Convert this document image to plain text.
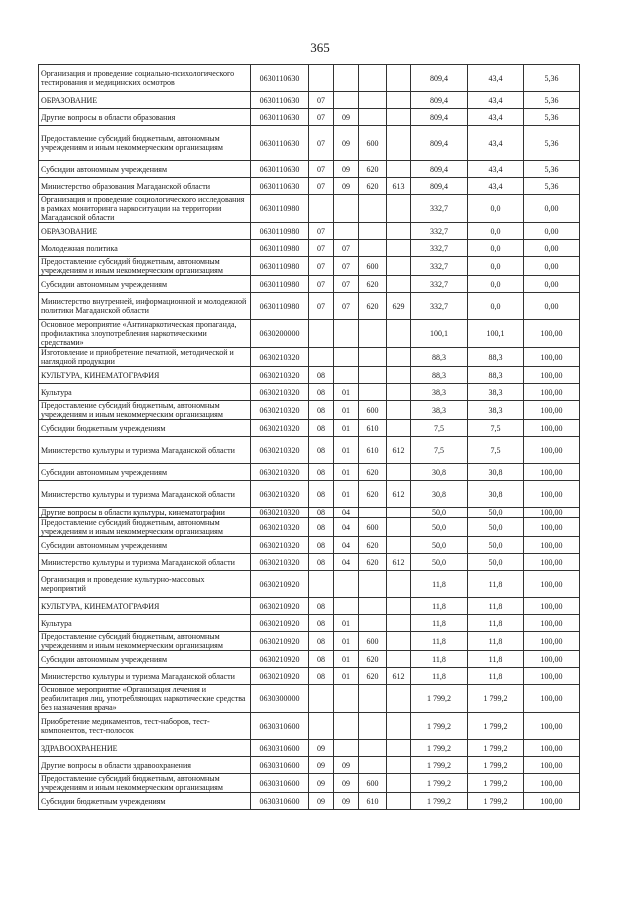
365
Организация и проведение социально-психологического тестирования и медицинских осмотров	0630110630					809,4	43,4	5,36
ОБРАЗОВАНИЕ	0630110630	07				809,4	43,4	5,36
Другие вопросы в области образования	0630110630	07	09			809,4	43,4	5,36
Предоставление субсидий бюджетным, автономным учреждениям и иным некоммерческим организациям	0630110630	07	09	600		809,4	43,4	5,36
Субсидии автономным учреждениям	0630110630	07	09	620		809,4	43,4	5,36
Министерство образования Магаданской области	0630110630	07	09	620	613	809,4	43,4	5,36
Организация и проведение социологического исследования в рамках мониторинга наркоситуации на территории Магаданской области	0630110980					332,7	0,0	0,00
ОБРАЗОВАНИЕ	0630110980	07				332,7	0,0	0,00
Молодежная политика	0630110980	07	07			332,7	0,0	0,00
Предоставление субсидий бюджетным, автономным учреждениям и иным некоммерческим организациям	0630110980	07	07	600		332,7	0,0	0,00
Субсидии автономным учреждениям	0630110980	07	07	620		332,7	0,0	0,00
Министерство внутренней, информационной и молодежной политики Магаданской области	0630110980	07	07	620	629	332,7	0,0	0,00
Основное мероприятие «Антинаркотическая пропаганда, профилактика злоупотребления наркотическими средствами»	0630200000					100,1	100,1	100,00
Изготовление и приобретение печатной, методической и наглядной продукции	0630210320					88,3	88,3	100,00
КУЛЬТУРА, КИНЕМАТОГРАФИЯ	0630210320	08				88,3	88,3	100,00
Культура	0630210320	08	01			38,3	38,3	100,00
Предоставление субсидий бюджетным, автономным учреждениям и иным некоммерческим организациям	0630210320	08	01	600		38,3	38,3	100,00
Субсидии бюджетным учреждениям	0630210320	08	01	610		7,5	7,5	100,00
Министерство культуры и туризма Магаданской области	0630210320	08	01	610	612	7,5	7,5	100,00
Субсидии автономным учреждениям	0630210320	08	01	620		30,8	30,8	100,00
Министерство культуры и туризма Магаданской области	0630210320	08	01	620	612	30,8	30,8	100,00
Другие вопросы в области культуры, кинематографии	0630210320	08	04			50,0	50,0	100,00
Предоставление субсидий бюджетным, автономным учреждениям и иным некоммерческим организациям	0630210320	08	04	600		50,0	50,0	100,00
Субсидии автономным учреждениям	0630210320	08	04	620		50,0	50,0	100,00
Министерство культуры и туризма Магаданской области	0630210320	08	04	620	612	50,0	50,0	100,00
Организация и проведение культурно-массовых мероприятий	0630210920					11,8	11,8	100,00
КУЛЬТУРА, КИНЕМАТОГРАФИЯ	0630210920	08				11,8	11,8	100,00
Культура	0630210920	08	01			11,8	11,8	100,00
Предоставление субсидий бюджетным, автономным учреждениям и иным некоммерческим организациям	0630210920	08	01	600		11,8	11,8	100,00
Субсидии автономным учреждениям	0630210920	08	01	620		11,8	11,8	100,00
Министерство культуры и туризма Магаданской области	0630210920	08	01	620	612	11,8	11,8	100,00
Основное мероприятие «Организация лечения и реабилитация лиц, употребляющих наркотические средства без назначения врача»	0630300000					1 799,2	1 799,2	100,00
Приобретение медикаментов, тест-наборов, тест-компонентов, тест-полосок	0630310600					1 799,2	1 799,2	100,00
ЗДРАВООХРАНЕНИЕ	0630310600	09				1 799,2	1 799,2	100,00
Другие вопросы в области здравоохранения	0630310600	09	09			1 799,2	1 799,2	100,00
Предоставление субсидий бюджетным, автономным учреждениям и иным некоммерческим организациям	0630310600	09	09	600		1 799,2	1 799,2	100,00
Субсидии бюджетным учреждениям	0630310600	09	09	610		1 799,2	1 799,2	100,00
